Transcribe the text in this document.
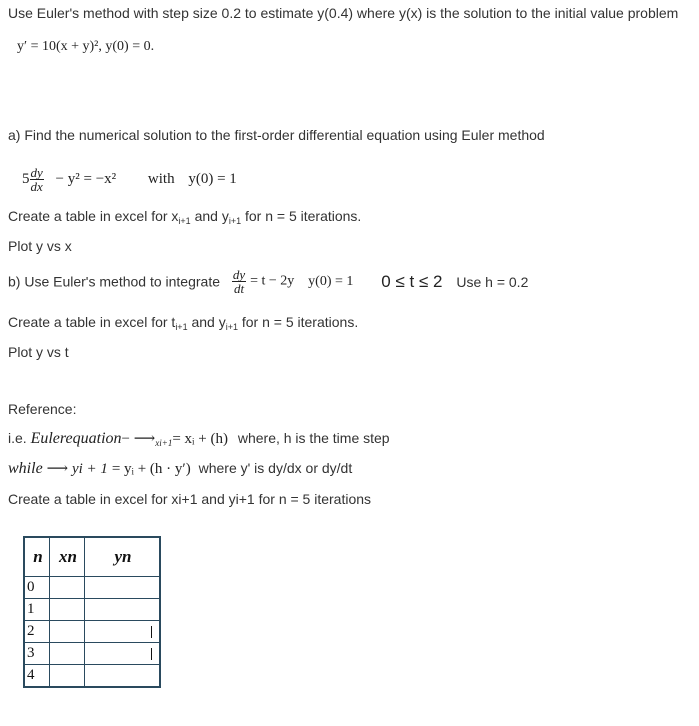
Use Euler's method with step size 0.2 to estimate y(0.4) where y(x) is the solution to the initial value problem
y′ = 10(x + y)², y(0) = 0.
a) Find the numerical solution to the first-order differential equation using Euler method
$5 \frac{dy}{dx} - y^2 = -x^2$ with y(0) = 1
Create a table in excel for $x_{i+1}$ and $y_{i+1}$ for n = 5 iterations.
Plot y vs x
b) Use Euler's method to integrate $\frac{dy}{dt} = t - 2y$ y(0) = 1 0 ≤ t ≤ 2 Use h = 0.2
Create a table in excel for $t_{i+1}$ and $y_{i+1}$ for n = 5 iterations.
Plot y vs t
Reference:
i.e. Eulerequation− $⟶_{xi+1}=$ xᵢ + (h) where, h is the time step
while ⟶ yi + 1 = yᵢ + (h · y′) where y' is dy/dx or dy/dt
Create a table in excel for xi+1 and yi+1 for n = 5 iterations
n	xn	yn
0		
1		
2		
3		
4		
